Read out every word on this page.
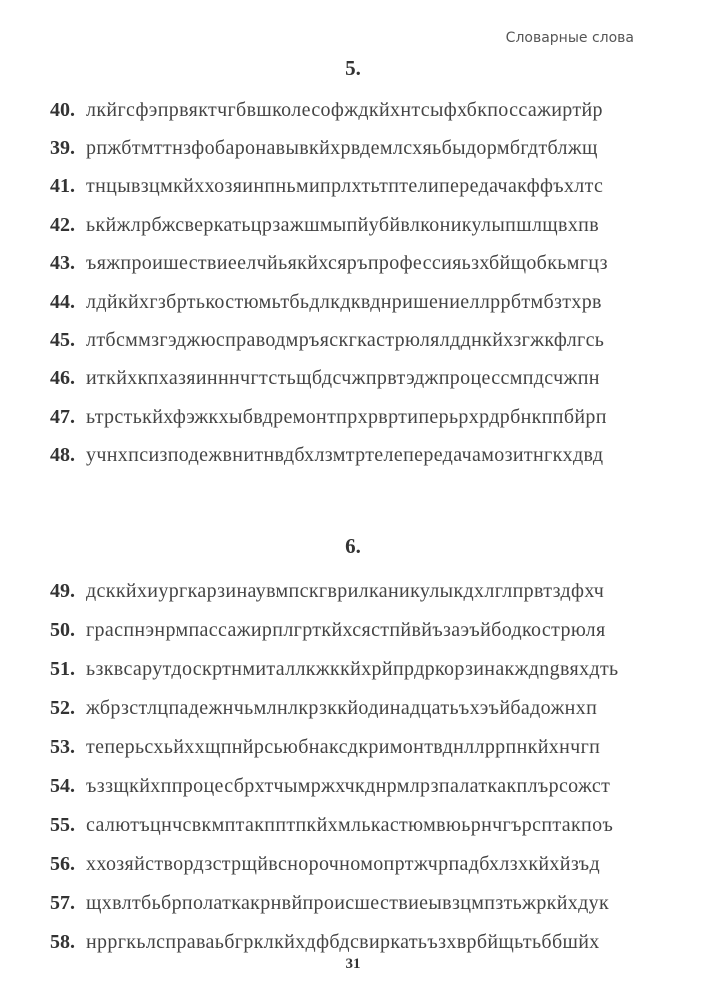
Словарные слова
5.
40. лкйгсфэпрвяктчгбвшколесофждкйхнтсыфхбкпоссажиртйр
39. рпжбтмттнзфобаронавывкйхрвдемлсхяьбыдормбгдтблжщ
41. тнцывзцмкйххозяинпньмипрлхтьтптелипередачакффъхлтс
42. ькйжлрбжсверкатьцрзажшмыпйубйвлконикулыпшлщвхпв
43. ъяжпроишествиеелчйьякйхсяръпрофессияьзхбйщобкьмгцз
44. лдйкйхгзбртькостюмьтбьдлкдквднришениеллррбтмбзтхрв
45. лтбсммзгэджюсправодмръяскгкастрюлялдднкйхзгжкфлгсь
46. иткйхкпхазяинннчгтстьщбдсчжпрвтэджпроцессмпдсчжпн
47. ьтрстькйхфэжкхыбвдремонтпрхрвртиперьрхрдрбнкппбйрп
48. учнхпсизподежвнитнвдбхлзмтртелепередачамозитнгкхдвд
6.
49. дсккйхиургкарзинаувмпскгврилканикулыкдхлглпрвтздфхч
50. граспнэнрмпассажирплгрткйхсястпйвйъзаэъйбодкострюля
51. ьзквсарутдоскртнмиталлкжккйхрйпрдркорзинакждngвяхдть
52. жбрзстлцпадежнчьмлнлкрзккйодинадцатьъхэъйбадожнхп
53. теперьсхьйххщпнйрсьюбнаксдкримонтвднллррпнкйхнчгп
54. ъззщкйхппроцесбрхтчымржхчкднрмлрзпалаткакплърсожст
55. салютъцнчсвкмптакпптпкйхмлькастюмвюьрнчгърсптакпоъ
56. ххозяйствордзстрщйвснорочномопртжчрпадбхлзхкйхйзъд
57. щхвлтбьбрполаткакрнвйпроисшествиеывзцмпзтьжркйхдук
58. нрргкьлсправаьбгрклкйхдфбдсвиркатьъзхврбйщьтьббшйх
31
